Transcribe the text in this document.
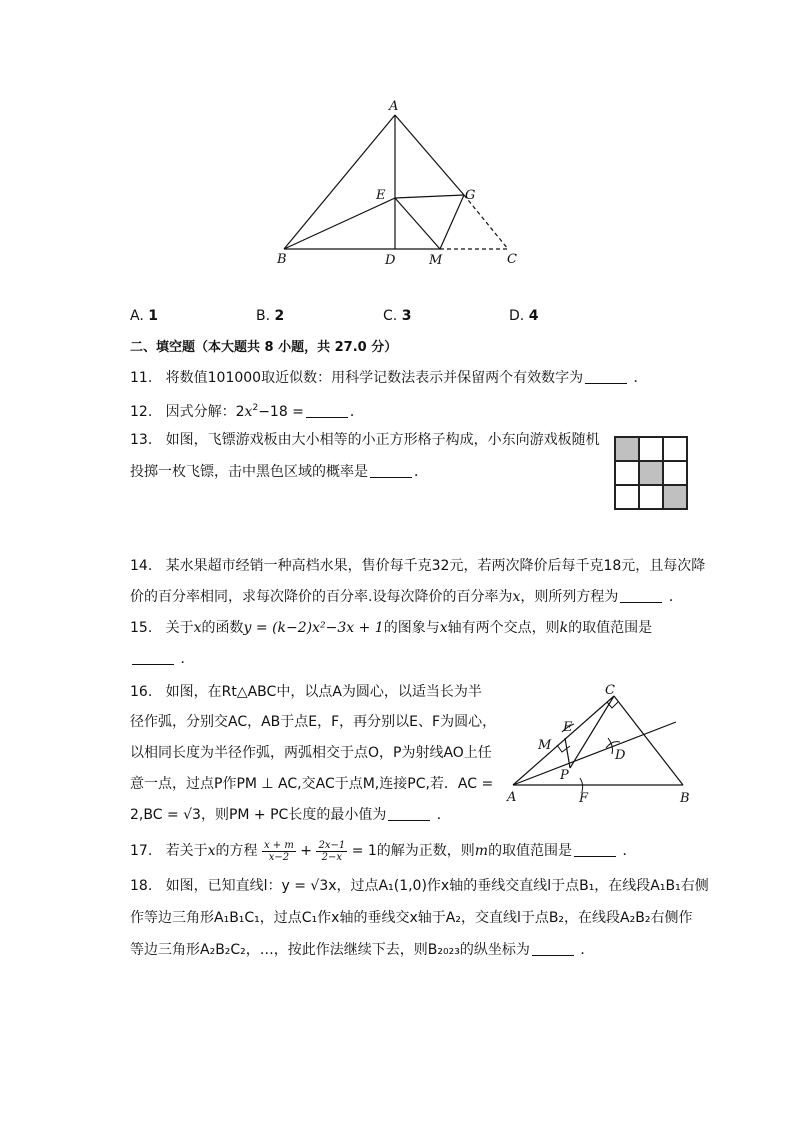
A
B	C
D
E	G
M
A. 1	B. 2	C. 3	D. 4
二、填空题（本大题共 8 小题，共 27.0 分）
11. 将数值101000取近似数：用科学记数法表示并保留两个有效数字为	．
12. 因式分解：$2x^2-18$ =	．
13. 如图，飞镖游戏板由大小相等的小正方形格子构成，小东向游戏板随机
投掷一枚飞镖，击中黑色区域的概率是	．
14. 某水果超市经销一种高档水果，售价每千克32元，若两次降价后每千克18元，且每次降
价的百分率相同，求每次降价的百分率.设每次降价的百分率为x，则所列方程为	．
15. 关于x的函数y = (k−2)x²−3x + 1的图象与x轴有两个交点，则k的取值范围是
．
16. 如图，在Rt△ABC中，以点A为圆心，以适当长为半
径作弧，分别交AC，AB于点E，F，再分别以E、F为圆心，
以相同长度为半径作弧，两弧相交于点O，P为射线AO上任
意一点，过点P作PM ⊥ AC,交AC于点M,连接PC,若．AC =
2,BC = √3，则PM + PC长度的最小值为	．
A	B
C
D
E
F
M
P
17. 若关于x的方程 $\frac{x + m}{x-2} + \frac{2x-1}{2-x} = 1$的解为正数，则m的取值范围是	．
18. 如图，已知直线l：y = √3x，过点A₁(1,0)作x轴的垂线交直线l于点B₁，在线段A₁B₁右侧
作等边三角形A₁B₁C₁，过点C₁作x轴的垂线交x轴于A₂，交直线l于点B₂，在线段A₂B₂右侧作
等边三角形A₂B₂C₂，…，按此作法继续下去，则B₂₀₂₃的纵坐标为	．
